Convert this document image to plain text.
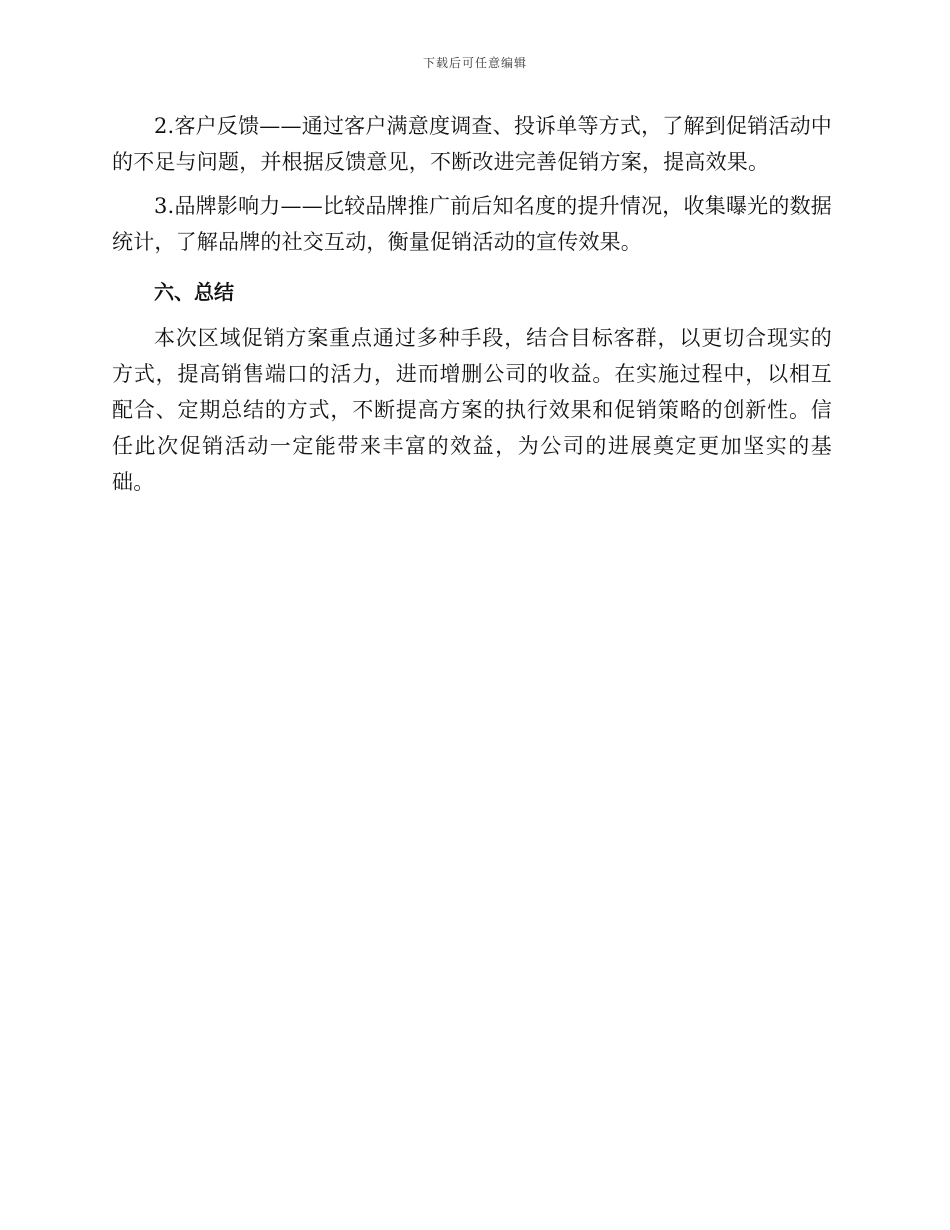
下载后可任意编辑

2.客户反馈——通过客户满意度调查、投诉单等方式，了解到促销活动中的不足与问题，并根据反馈意见，不断改进完善促销方案，提高效果。

3.品牌影响力——比较品牌推广前后知名度的提升情况，收集曝光的数据统计，了解品牌的社交互动，衡量促销活动的宣传效果。

六、总结

本次区域促销方案重点通过多种手段，结合目标客群，以更切合现实的方式，提高销售端口的活力，进而增删公司的收益。在实施过程中，以相互配合、定期总结的方式，不断提高方案的执行效果和促销策略的创新性。信任此次促销活动一定能带来丰富的效益，为公司的进展奠定更加坚实的基础。
